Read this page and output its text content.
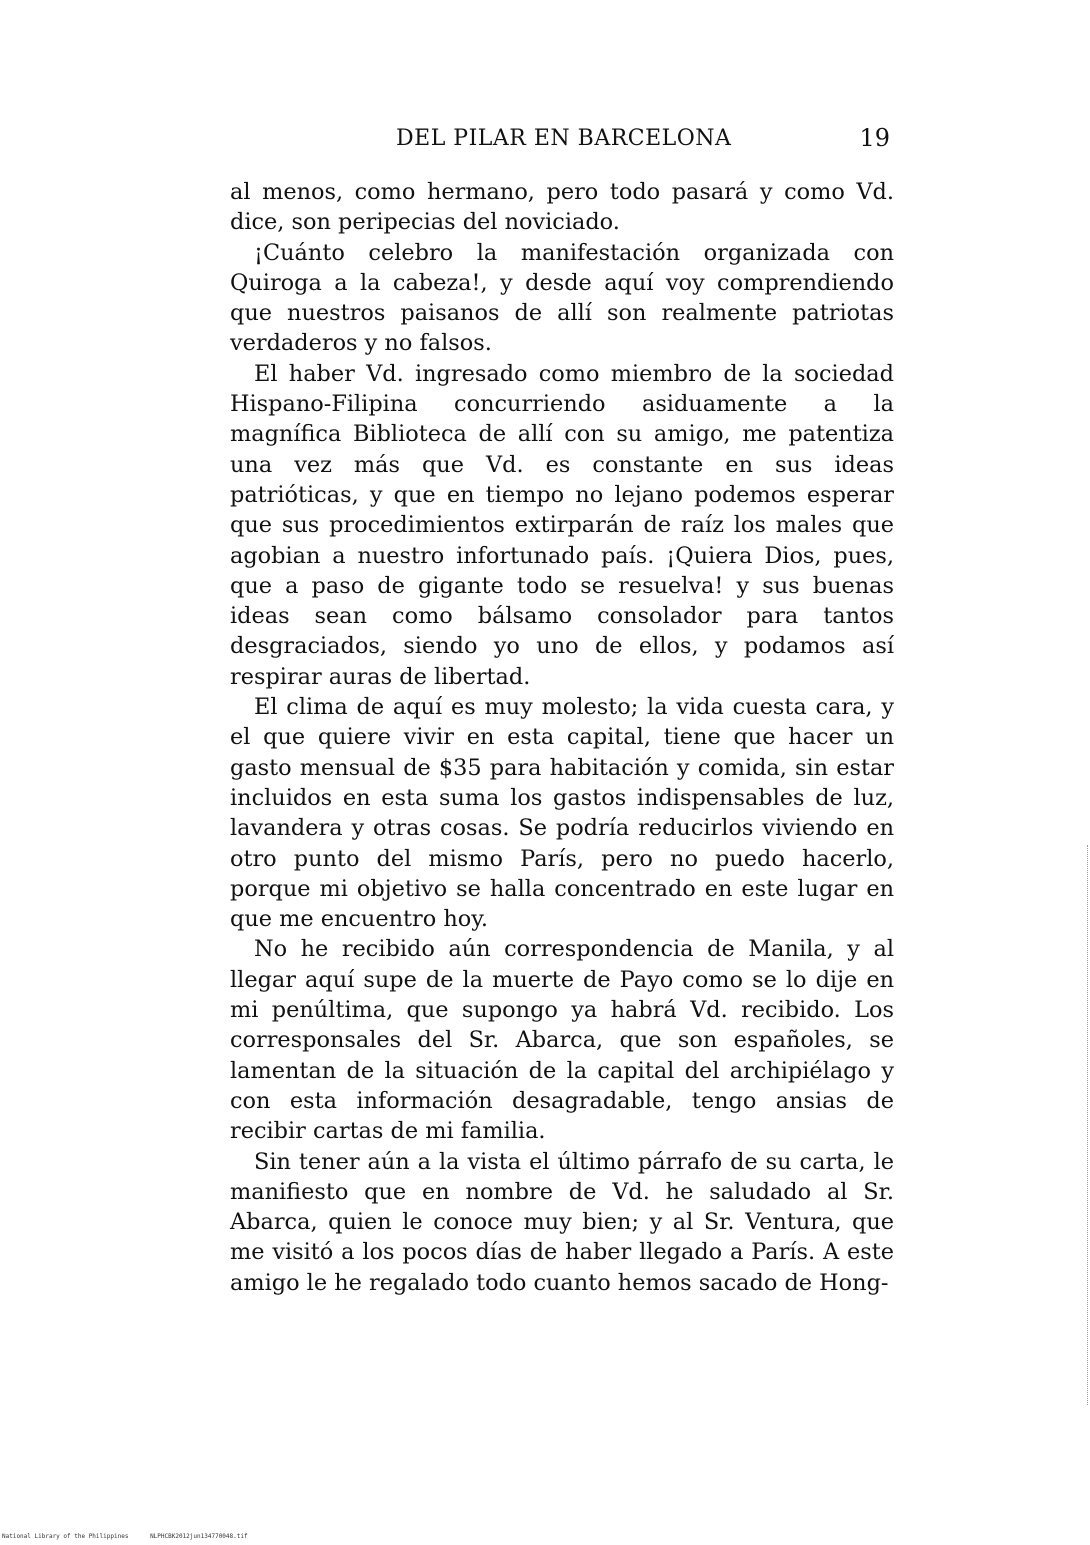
DEL PILAR EN BARCELONA	19

al menos, como hermano, pero todo pasará y como Vd. dice, son peripecias del noviciado.

¡Cuánto celebro la manifestación organizada con Quiroga a la cabeza!, y desde aquí voy comprendiendo que nuestros paisanos de allí son realmente patriotas verdaderos y no falsos.

El haber Vd. ingresado como miembro de la sociedad Hispano-Filipina concurriendo asiduamente a la magnífica Biblioteca de allí con su amigo, me patentiza una vez más que Vd. es constante en sus ideas patrióticas, y que en tiempo no lejano podemos esperar que sus procedimientos extirparán de raíz los males que agobian a nuestro infortunado país. ¡Quiera Dios, pues, que a paso de gigante todo se resuelva! y sus buenas ideas sean como bálsamo consolador para tantos desgraciados, siendo yo uno de ellos, y podamos así respirar auras de libertad.

El clima de aquí es muy molesto; la vida cuesta cara, y el que quiere vivir en esta capital, tiene que hacer un gasto mensual de $35 para habitación y comida, sin estar incluidos en esta suma los gastos indispensables de luz, lavandera y otras cosas. Se podría reducirlos viviendo en otro punto del mismo París, pero no puedo hacerlo, porque mi objetivo se halla concentrado en este lugar en que me encuentro hoy.

No he recibido aún correspondencia de Manila, y al llegar aquí supe de la muerte de Payo como se lo dije en mi penúltima, que supongo ya habrá Vd. recibido. Los corresponsales del Sr. Abarca, que son españoles, se lamentan de la situación de la capital del archipiélago y con esta información desagradable, tengo ansias de recibir cartas de mi familia.

Sin tener aún a la vista el último párrafo de su carta, le manifiesto que en nombre de Vd. he saludado al Sr. Abarca, quien le conoce muy bien; y al Sr. Ventura, que me visitó a los pocos días de haber llegado a París. A este amigo le he regalado todo cuanto hemos sacado de Hong-

National Library of the Philippines	NLPHCBK2012jun134770048.tif
